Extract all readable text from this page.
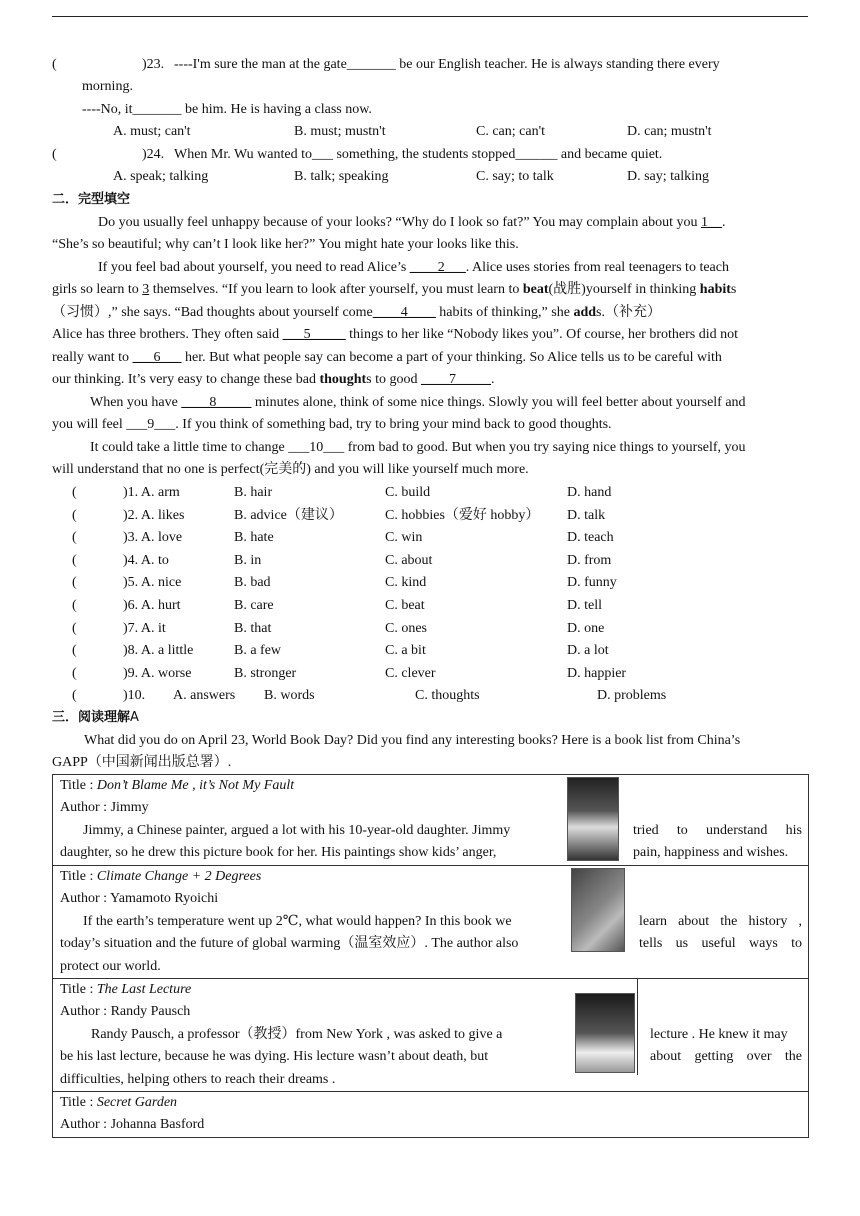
(	)23. ----I'm sure the man at the gate_______ be our English teacher. He is always standing there every
morning.
----No, it_______ be him. He is having a class now.
A. must; can't	B. must; mustn't	C. can; can't	D. can; mustn't
(	)24. When Mr. Wu wanted to___ something, the students stopped______ and became quiet.
A. speak; talking	B. talk; speaking	C. say; to talk	D. say; talking
二．完型填空
Do you usually feel unhappy because of your looks? “Why do I look so fat?” You may complain about you 1__.
“She’s so beautiful; why can’t I look like her?” You might hate your looks like this.
If you feel bad about yourself, you need to read Alice’s ____2___. Alice uses stories from real teenagers to teach
girls so learn to 3 themselves. “If you learn to look after yourself, you must learn to beat(战胜)yourself in thinking habits
（习惯）,” she says. “Bad thoughts about yourself come____4____ habits of thinking,” she adds.（补充）
Alice has three brothers. They often said ___5_____ things to her like “Nobody likes you”. Of course, her brothers did not
really want to ___6___ her. But what people say can become a part of your thinking. So Alice tells us to be careful with
our thinking. It’s very easy to change these bad thoughts to good ____7_____.
When you have ____8_____ minutes alone, think of some nice things. Slowly you will feel better about yourself and
you will feel ___9___. If you think of something bad, try to bring your mind back to good thoughts.
It could take a little time to change ___10___ from bad to good. But when you try saying nice things to yourself, you
will understand that no one is perfect(完美的) and you will like yourself much more.
(	)1. A. arm	B. hair	C. build	D. hand
(	)2. A. likes	B. advice（建议）	C. hobbies（爱好 hobby） D. talk
(	)3. A. love	B. hate	C. win	D. teach
(	)4. A. to	B. in	C. about	D. from
(	)5. A. nice	B. bad	C. kind	D. funny
(	)6. A. hurt	B. care	C. beat	D. tell
(	)7. A. it	B. that	C. ones	D. one
(	)8. A. a little	B. a few	C. a bit	D. a lot
(	)9. A. worse	B. stronger	C. clever	D. happier
(	)10. A. answers B. words	C. thoughts	D. problems
三．阅读理解A
What did you do on April 23, World Book Day? Did you find any interesting books? Here is a book list from China’s
GAPP（中国新闻出版总署）.
Title : Don’t Blame Me , it’s Not My Fault
Author : Jimmy
Jimmy, a Chinese painter, argued a lot with his 10-year-old daughter. Jimmy	tried to understand his
daughter, so he drew this picture book for her. His paintings show kids’ anger,	pain, happiness and wishes.

Title : Climate Change + 2 Degrees
Author : Yamamoto Ryoichi
If the earth’s temperature went up 2℃, what would happen? In this book we	learn about the history ,
today’s situation and the future of global warming（温室效应）. The author also	tells us useful ways to
protect our world.

Title : The Last Lecture
Author : Randy Pausch
Randy Pausch, a professor（教授）from New York , was asked to give a	lecture . He knew it may
be his last lecture, because he was dying. His lecture wasn’t about death, but	about getting over the
difficulties, helping others to reach their dreams .

Title : Secret Garden
Author : Johanna Basford
